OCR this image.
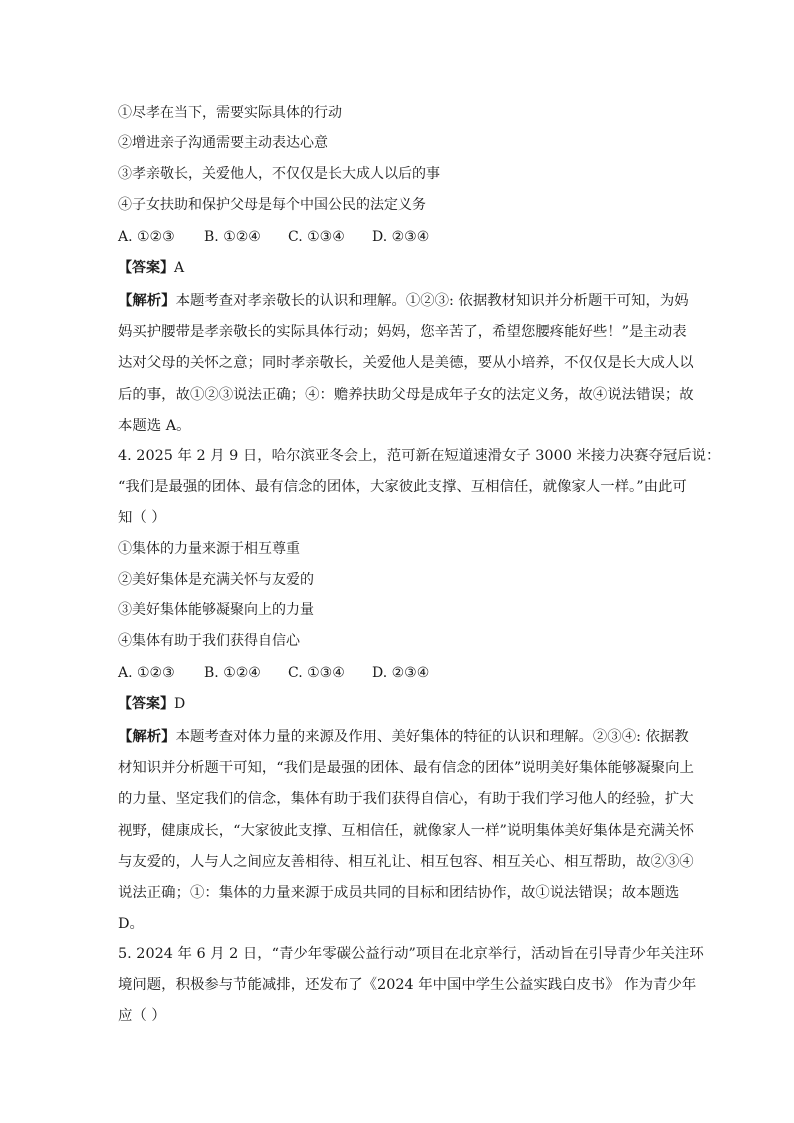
①尽孝在当下，需要实际具体的行动
②增进亲子沟通需要主动表达心意
③孝亲敬长，关爱他人，不仅仅是长大成人以后的事
④子女扶助和保护父母是每个中国公民的法定义务
A. ①②③ B. ①②④ C. ①③④ D. ②③④
【答案】A
【解析】本题考查对孝亲敬长的认识和理解。①②③: 依据教材知识并分析题干可知，为妈
妈买护腰带是孝亲敬长的实际具体行动；妈妈，您辛苦了，希望您腰疼能好些！”是主动表
达对父母的关怀之意；同时孝亲敬长，关爱他人是美德，要从小培养，不仅仅是长大成人以
后的事，故①②③说法正确；④：赡养扶助父母是成年子女的法定义务，故④说法错误；故
本题选 A。
4. 2025 年 2 月 9 日，哈尔滨亚冬会上，范可新在短道速滑女子 3000 米接力决赛夺冠后说：
“我们是最强的团体、最有信念的团体，大家彼此支撑、互相信任，就像家人一样。”由此可
知（ ）
①集体的力量来源于相互尊重
②美好集体是充满关怀与友爱的
③美好集体能够凝聚向上的力量
④集体有助于我们获得自信心
A. ①②③ B. ①②④ C. ①③④ D. ②③④
【答案】D
【解析】本题考查对体力量的来源及作用、美好集体的特征的认识和理解。②③④: 依据教
材知识并分析题干可知，“我们是最强的团体、最有信念的团体”说明美好集体能够凝聚向上
的力量、坚定我们的信念，集体有助于我们获得自信心，有助于我们学习他人的经验，扩大
视野，健康成长，“大家彼此支撑、互相信任，就像家人一样”说明集体美好集体是充满关怀
与友爱的，人与人之间应友善相待、相互礼让、相互包容、相互关心、相互帮助，故②③④
说法正确；①：集体的力量来源于成员共同的目标和团结协作，故①说法错误；故本题选
D。
5. 2024 年 6 月 2 日，“青少年零碳公益行动”项目在北京举行，活动旨在引导青少年关注环
境问题，积极参与节能减排，还发布了《2024 年中国中学生公益实践白皮书》 作为青少年
应（ ）
